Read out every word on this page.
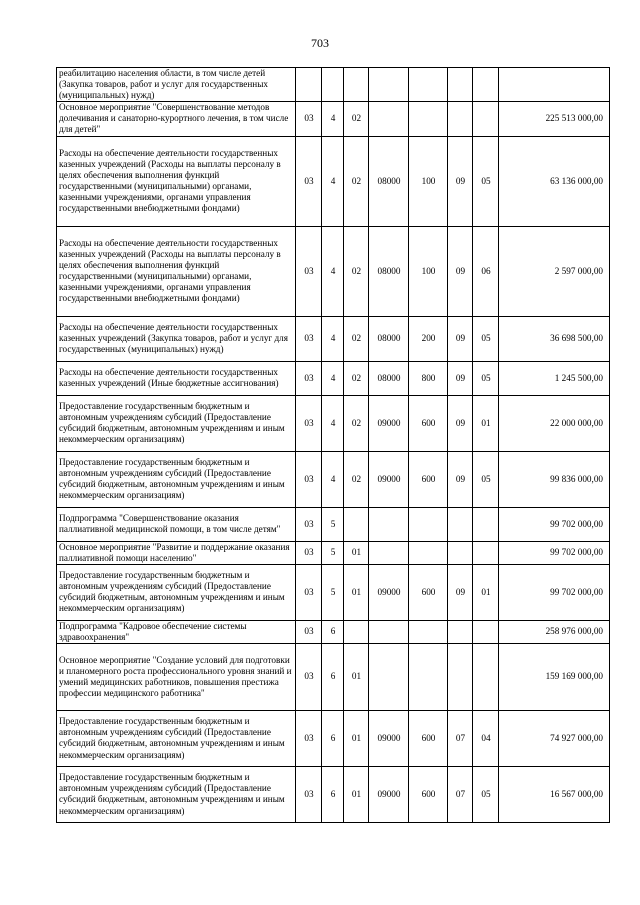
703
реабилитацию населения области, в том числе детей (Закупка товаров, работ и услуг для государственных (муниципальных) нужд)								
Основное мероприятие "Совершенствование методов долечивания и санаторно-курортного лечения, в том числе для детей"	03	4	02					225 513 000,00
Расходы на обеспечение деятельности государственных казенных учреждений (Расходы на выплаты персоналу в целях обеспечения выполнения функций государственными (муниципальными) органами, казенными учреждениями, органами управления государственными внебюджетными фондами)	03	4	02	08000	100	09	05	63 136 000,00
Расходы на обеспечение деятельности государственных казенных учреждений (Расходы на выплаты персоналу в целях обеспечения выполнения функций государственными (муниципальными) органами, казенными учреждениями, органами управления государственными внебюджетными фондами)	03	4	02	08000	100	09	06	2 597 000,00
Расходы на обеспечение деятельности государственных казенных учреждений (Закупка товаров, работ и услуг для государственных (муниципальных) нужд)	03	4	02	08000	200	09	05	36 698 500,00
Расходы на обеспечение деятельности государственных казенных учреждений (Иные бюджетные ассигнования)	03	4	02	08000	800	09	05	1 245 500,00
Предоставление государственным бюджетным и автономным учреждениям субсидий (Предоставление субсидий бюджетным, автономным учреждениям и иным некоммерческим организациям)	03	4	02	09000	600	09	01	22 000 000,00
Предоставление государственным бюджетным и автономным учреждениям субсидий (Предоставление субсидий бюджетным, автономным учреждениям и иным некоммерческим организациям)	03	4	02	09000	600	09	05	99 836 000,00
Подпрограмма "Совершенствование оказания паллиативной медицинской помощи, в том числе детям"	03	5						99 702 000,00
Основное мероприятие "Развитие и поддержание оказания паллиативной помощи населению"	03	5	01					99 702 000,00
Предоставление государственным бюджетным и автономным учреждениям субсидий (Предоставление субсидий бюджетным, автономным учреждениям и иным некоммерческим организациям)	03	5	01	09000	600	09	01	99 702 000,00
Подпрограмма "Кадровое обеспечение системы здравоохранения"	03	6						258 976 000,00
Основное мероприятие "Создание условий для подготовки и планомерного роста профессионального уровня знаний и умений медицинских работников, повышения престижа профессии медицинского работника"	03	6	01					159 169 000,00
Предоставление государственным бюджетным и автономным учреждениям субсидий (Предоставление субсидий бюджетным, автономным учреждениям и иным некоммерческим организациям)	03	6	01	09000	600	07	04	74 927 000,00
Предоставление государственным бюджетным и автономным учреждениям субсидий (Предоставление субсидий бюджетным, автономным учреждениям и иным некоммерческим организациям)	03	6	01	09000	600	07	05	16 567 000,00
